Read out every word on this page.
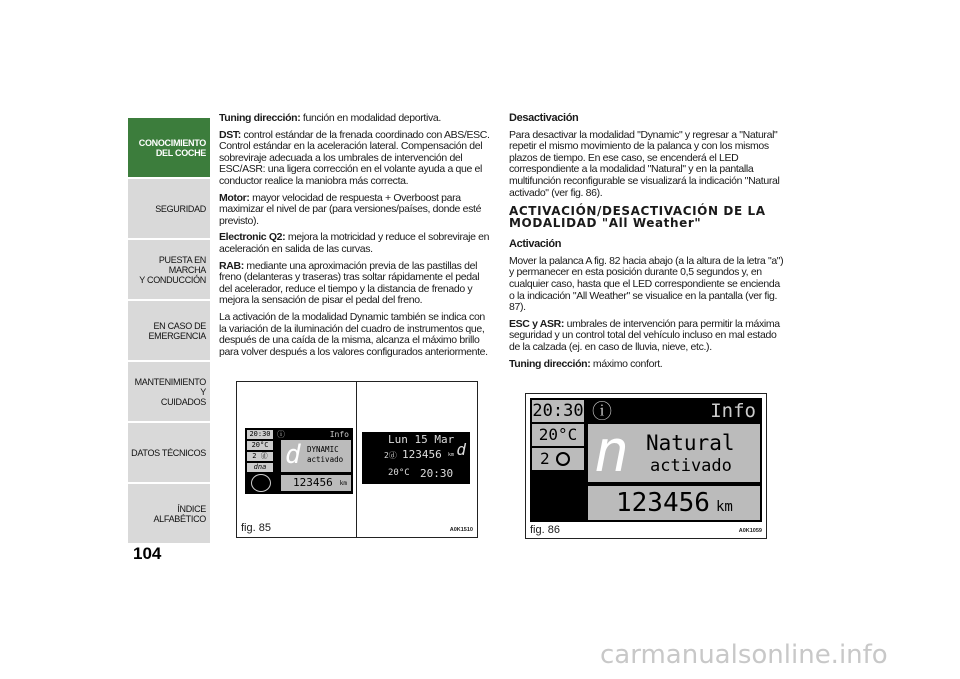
CONOCIMIENTO
DEL COCHE
SEGURIDAD
PUESTA EN MARCHA
Y CONDUCCIÓN
EN CASO DE
EMERGENCIA
MANTENIMIENTO Y
CUIDADOS
DATOS TÉCNICOS
ÍNDICE ALFABÉTICO
104

Tuning dirección: función en modalidad deportiva.

DST: control estándar de la frenada coordinado con ABS/ESC. Control estándar en la aceleración lateral. Compensación del sobreviraje adecuada a los umbrales de intervención del ESC/ASR: una ligera corrección en el volante ayuda a que el conductor realice la maniobra más correcta.

Motor: mayor velocidad de respuesta + Overboost para maximizar el nivel de par (para versiones/países, donde esté previsto).

Electronic Q2: mejora la motricidad y reduce el sobreviraje en aceleración en salida de las curvas.

RAB: mediante una aproximación previa de las pastillas del freno (delanteras y traseras) tras soltar rápidamente el pedal del acelerador, reduce el tiempo y la distancia de frenado y mejora la sensación de pisar el pedal del freno.

La activación de la modalidad Dynamic también se indica con la variación de la iluminación del cuadro de instrumentos que, después de una caída de la misma, alcanza el máximo brillo para volver después a los valores configurados anteriormente.

Desactivación

Para desactivar la modalidad "Dynamic" y regresar a "Natural" repetir el mismo movimiento de la palanca y con los mismos plazos de tiempo. En ese caso, se encenderá el LED correspondiente a la modalidad "Natural" y en la pantalla multifunción reconfigurable se visualizará la indicación "Natural activado" (ver fig. 86).

ACTIVACIÓN/DESACTIVACIÓN DE LA
MODALIDAD "All Weather"
Activación

Mover la palanca A fig. 82 hacia abajo (a la altura de la letra "a") y permanecer en esta posición durante 0,5 segundos y, en cualquier caso, hasta que el LED correspondiente se encienda o la indicación "All Weather" se visualice en la pantalla (ver fig. 87).

ESC y ASR: umbrales de intervención para permitir la máxima seguridad y un control total del vehículo incluso en mal estado de la calzada (ej. en caso de lluvia, nieve, etc.).

Tuning dirección: máximo confort.

20:30 ⓘ	Info
20°C
2 ⓓ
dna d DYNAMIC
activado
123456 km
Lun 15 Mar
2ⓓ 123456 km d
20°C 20:30
fig. 85	A0K1510
20:30 ⓘ	Info
20°C
2 n Natural
activado
123456 km
fig. 86	A0K1059
carmanualsonline.info
